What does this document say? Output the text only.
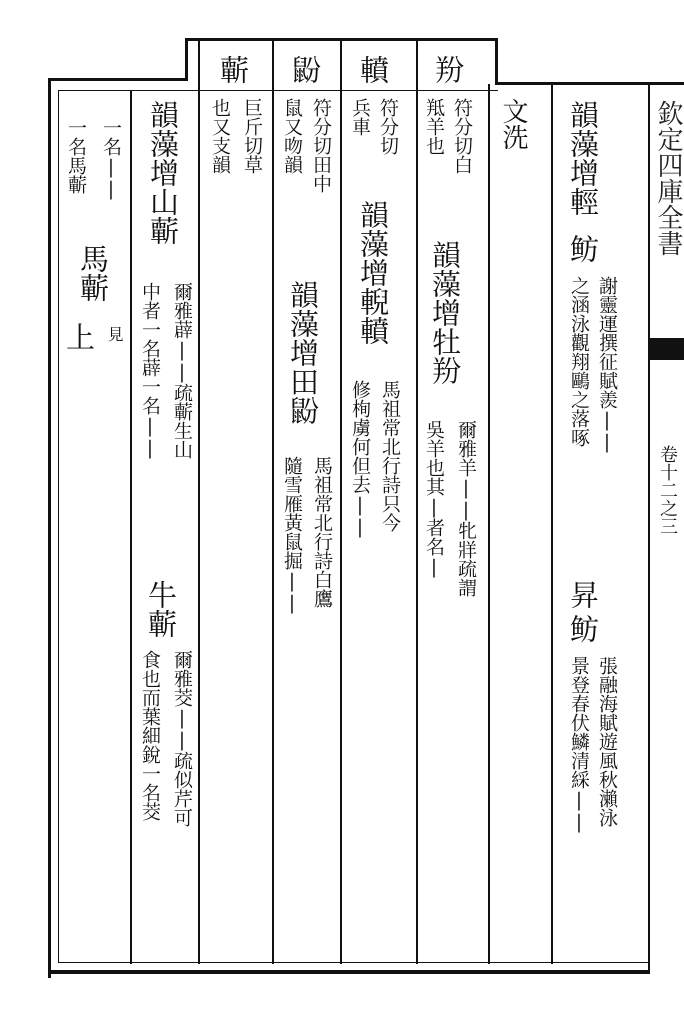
欽定四庫全書
卷十二之三
韻藻增輕
鲂
謝靈運撰征賦羨||
之涵泳觀翔鷗之落啄
昇
鲂
張融海賦遊風秋瀨泳
景登春伏鱗清綵||
文洗
羒
符分切白
羝羊也
韻藻增牡羒
爾雅羊||牝牂疏謂
吳羊也其|者名|
轒
符分切
兵車
韻藻增輗轒
馬祖常北行詩只今
修栒虜何但去||
鼢
符分切田中
鼠又吻韻
韻藻增田鼢
馬祖常北行詩白鷹
隨雪雁黃鼠掘||
蘄
巨斤切草
也又支韻
韻藻增山蘄
爾雅薜||疏蘄生山
中者一名薜一名||
牛蘄
爾雅茭||疏似芹可
食也而葉細銳一名茭
一名||
馬蘄
見
一名馬蘄
上
